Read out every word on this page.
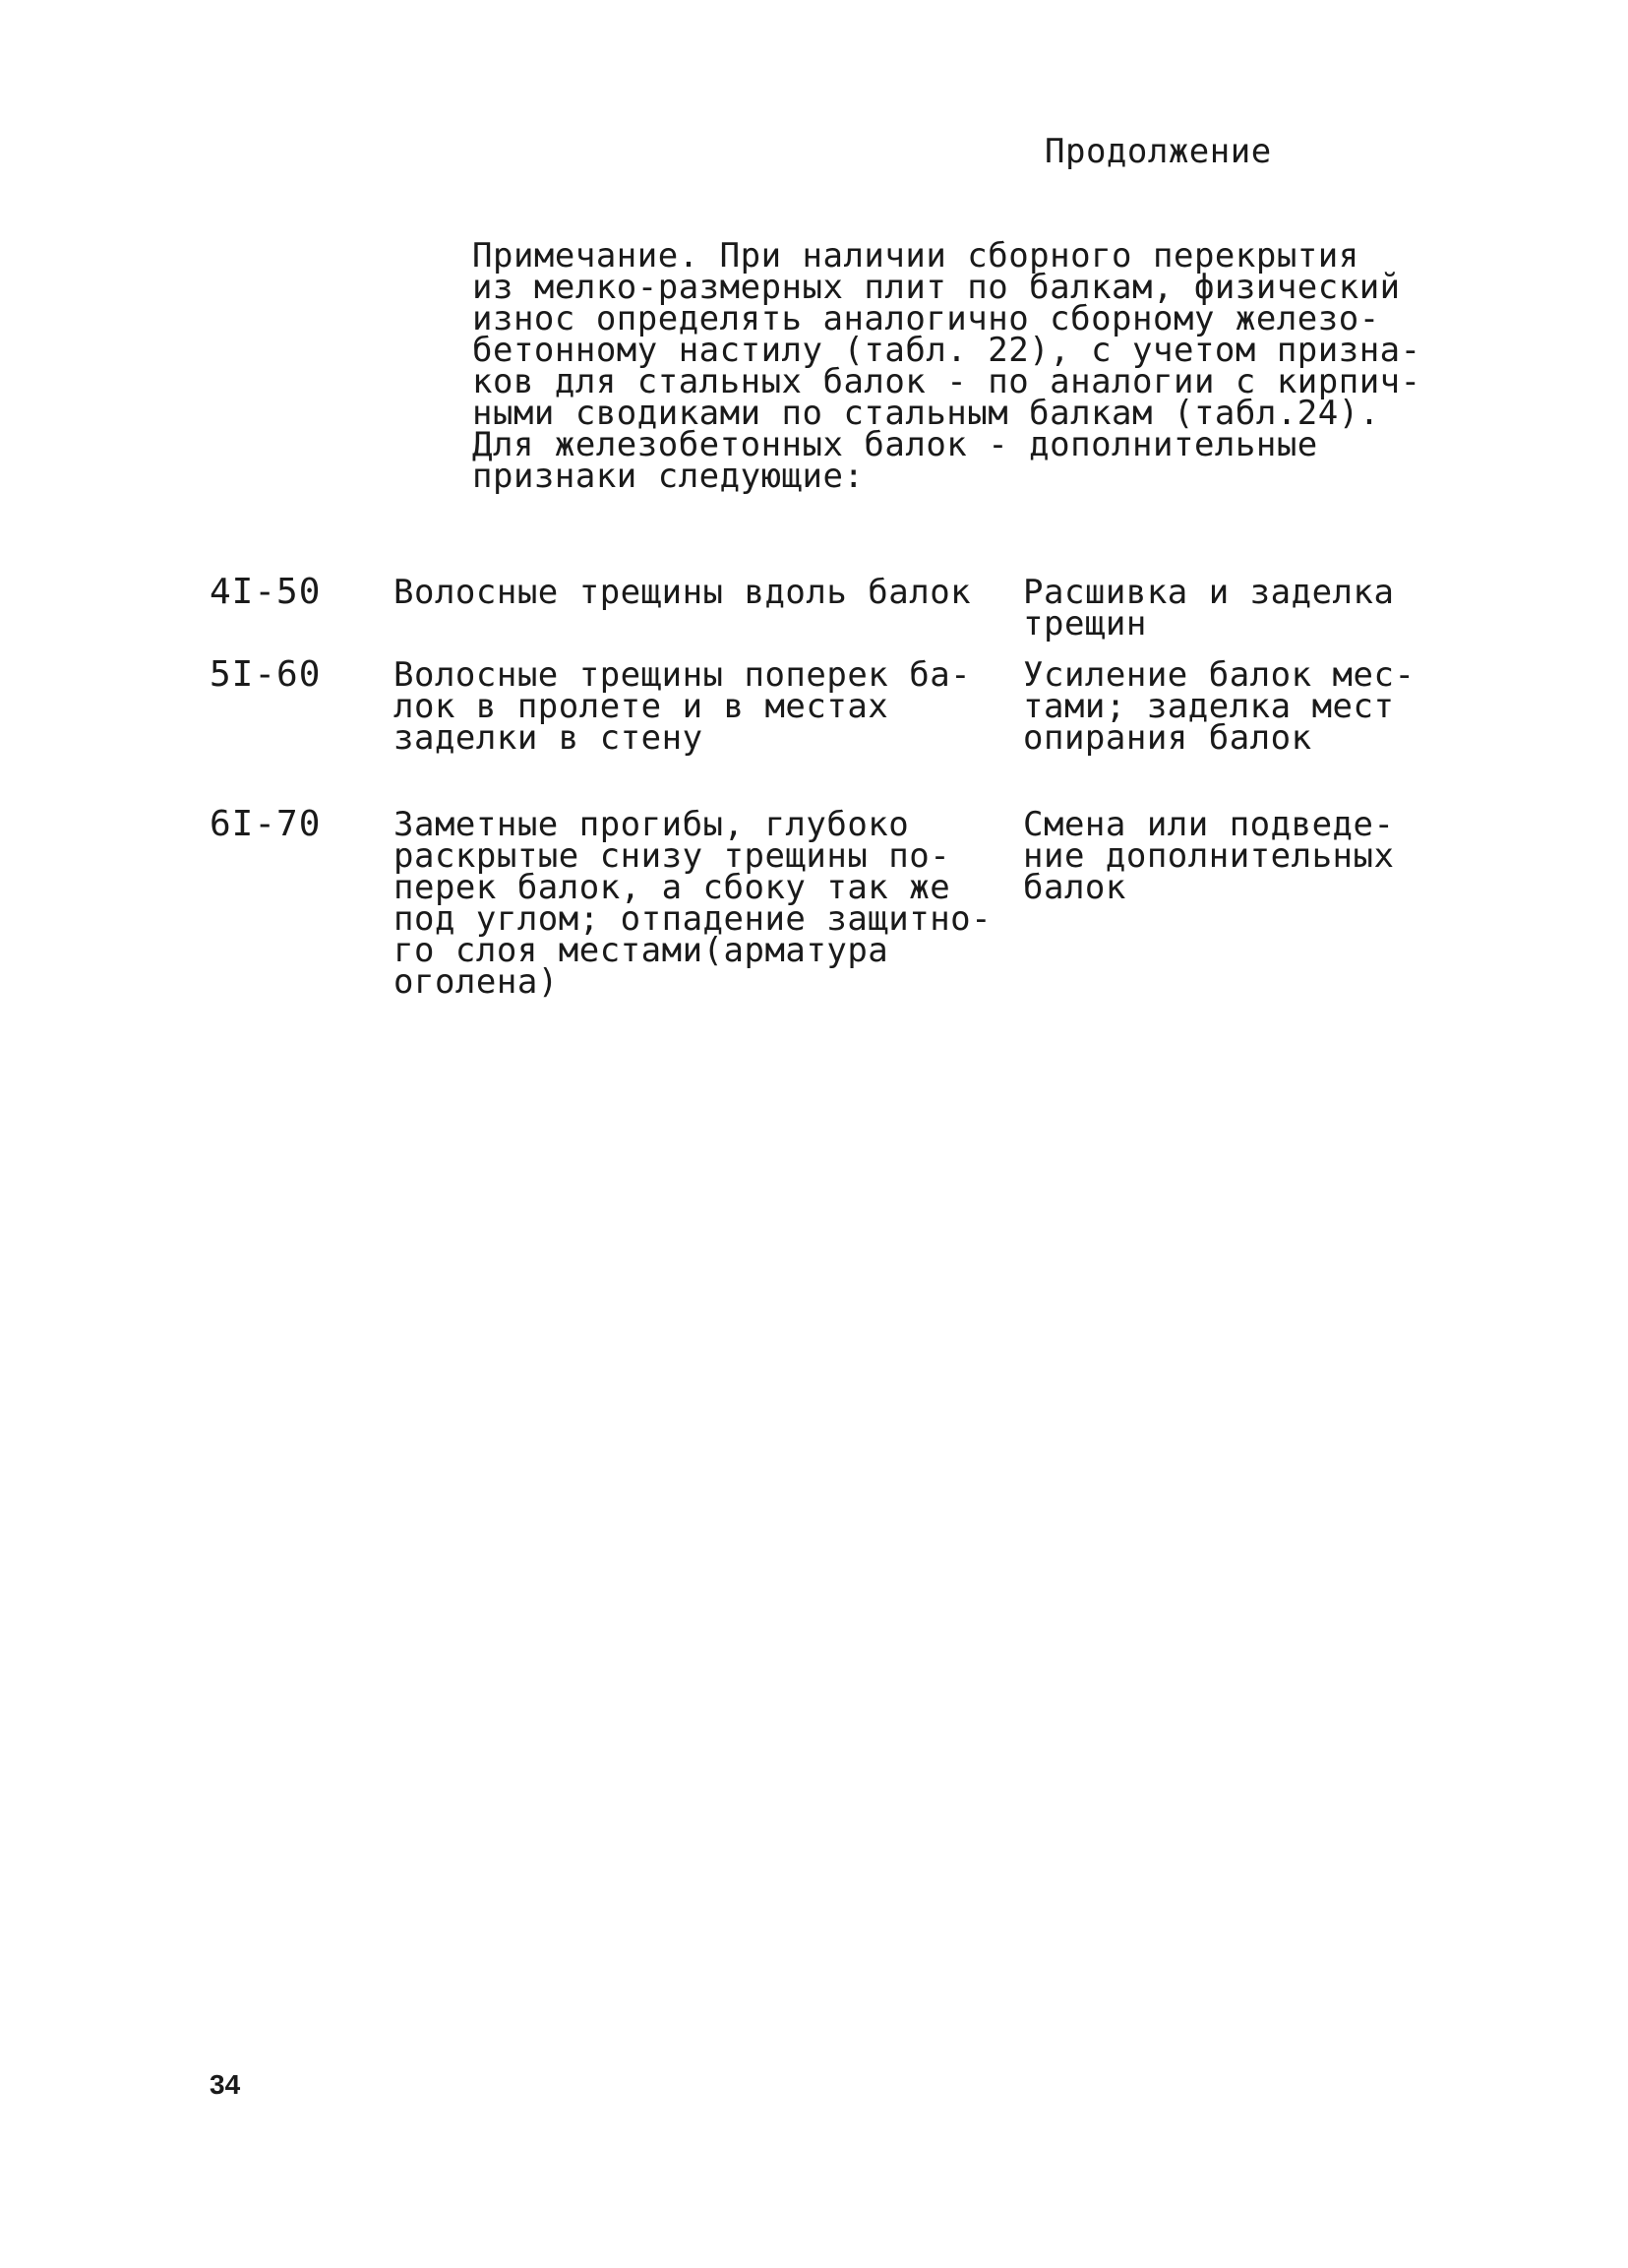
Продолжение
Примечание. При наличии сборного перекрытия
из мелко-размерных плит по балкам, физический
износ определять аналогично сборному железо-
бетонному настилу (табл. 22), с учетом призна-
ков для стальных балок - по аналогии с кирпич-
ными сводиками по стальным балкам (табл.24).
Для железобетонных балок - дополнительные
признаки следующие:
4I-50 Волосные трещины вдоль балок	Расшивка и заделка
трещин
5I-60 Волосные трещины поперек ба-
лок в пролете и в местах
заделки в стену
Усиление балок мес-
тами; заделка мест
опирания балок
6I-70 Заметные прогибы, глубоко
раскрытые снизу трещины по-
перек балок, а сбоку так же
под углом; отпадение защитно-
го слоя местами(арматура
оголена)
Смена или подведе-
ние дополнительных
балок
34
